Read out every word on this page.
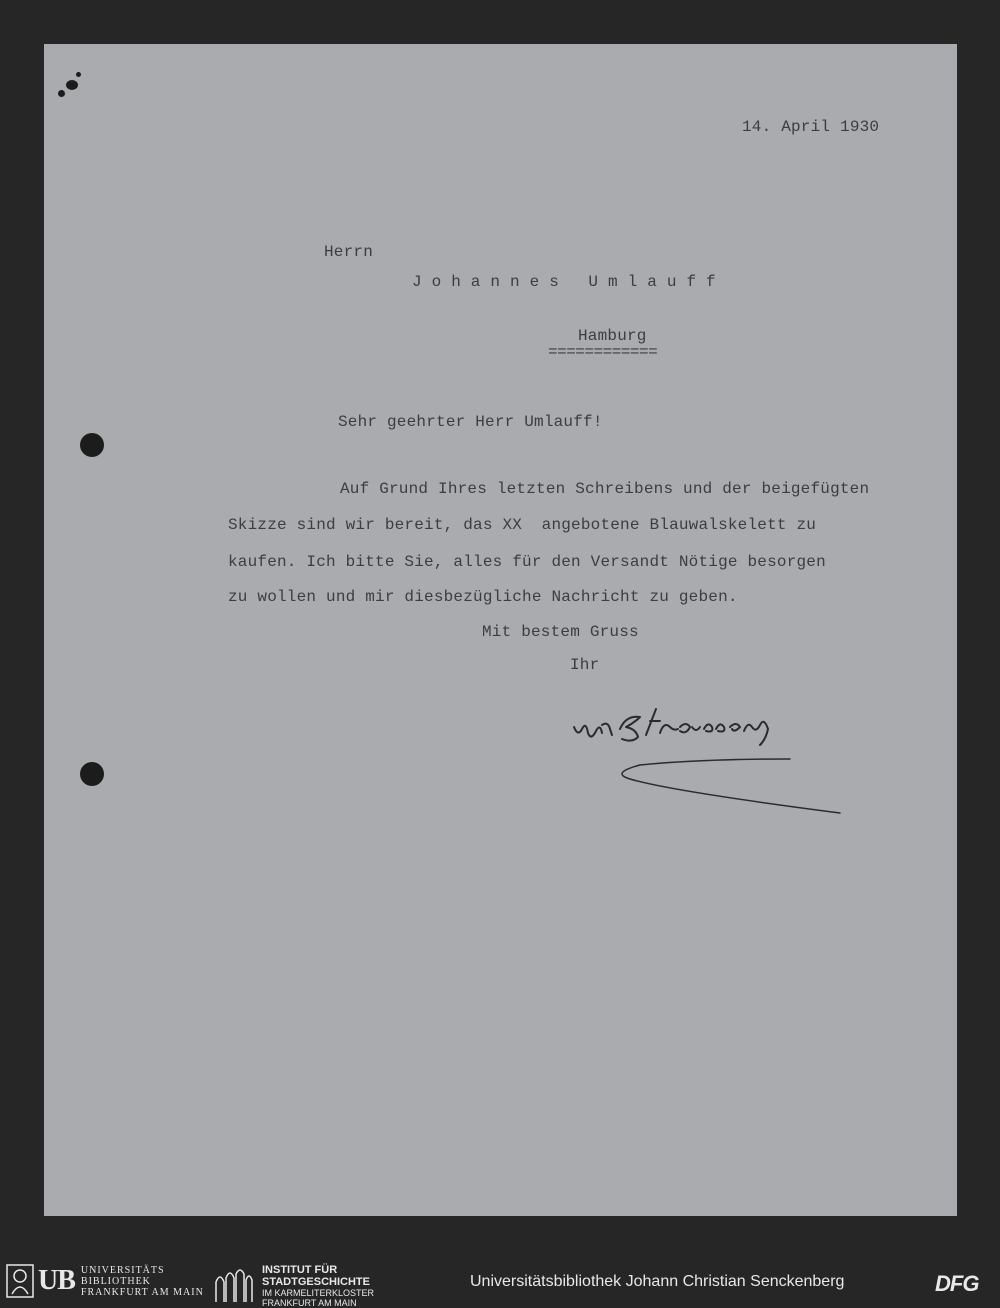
14. April 1930
Herrn
J o h a n n e s   U m l a u f f
Hamburg
============
Sehr geehrter Herr Umlauff!
Auf Grund Ihres letzten Schreibens und der beigefügten
Skizze sind wir bereit, das XX  angebotene Blauwalskelett zu
kaufen. Ich bitte Sie, alles für den Versandt Nötige besorgen
zu wollen und mir diesbezügliche Nachricht zu geben.
Mit bestem Gruss
Ihr
UB UNIVERSITÄTS
BIBLIOTHEK
FRANKFURT AM MAIN
INSTITUT FÜR
STADTGESCHICHTE
IM KARMELITERKLOSTER
FRANKFURT AM MAIN
Universitätsbibliothek Johann Christian Senckenberg	DFG
